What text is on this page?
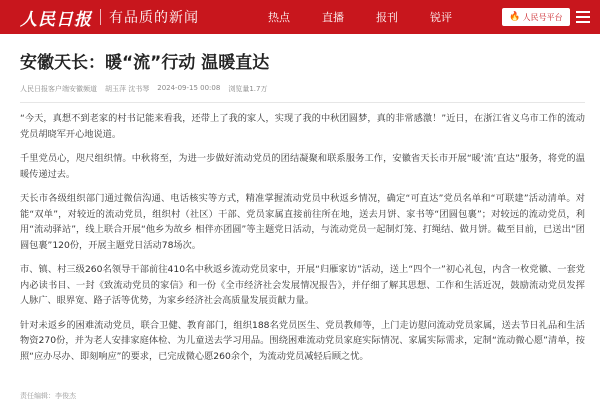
人民日报 有品质的新闻	热点	直播	报刊	锐评	🔥 人民号平台
安徽天长：暖“流”行动 温暖直达
人民日报客户端安徽频道 胡玉萍 沈书琴 2024-09-15 00:08 浏览量1.7万

“今天，真想不到老家的村书记能来看我，还带上了我的家人，实现了我的中秋团圆梦，真的非常感激！”近日，在浙江省义乌市工作的流动党员胡晓军开心地说道。

千里党员心，咫尺组织情。中秋将至，为进一步做好流动党员的团结凝聚和联系服务工作，安徽省天长市开展“暖‘流’直达”服务，将党的温暖传递过去。

天长市各级组织部门通过微信沟通、电话核实等方式，精准掌握流动党员中秋返乡情况，确定“可直达”党员名单和“可联建”活动清单。对能“双单”，对较近的流动党员，组织村（社区）干部、党员家属直接前往所在地，送去月饼、家书等“团圆包裹”；对较远的流动党员，利用“流动驿站”，线上联合开展“他乡为故乡 相伴亦团圆”等主题党日活动，与流动党员一起制灯笼、打绳结、做月饼。截至目前，已送出“团圆包裹”120份，开展主题党日活动78场次。

市、镇、村三级260名领导干部前往410名中秋返乡流动党员家中，开展“归雁家访”活动，送上“四个一”初心礼包，内含一枚党徽、一套党内必读书目、一封《致流动党员的家信》和一份《全市经济社会发展情况报告》，并仔细了解其思想、工作和生活近况，鼓励流动党员发挥人脉广、眼界宽、路子活等优势，为家乡经济社会高质量发展贡献力量。

针对未返乡的困难流动党员，联合卫健、教育部门，组织188名党员医生、党员教师等，上门走访慰问流动党员家属，送去节日礼品和生活物资270份，并为老人安排家庭体检、为儿童送去学习用品。围绕困难流动党员家庭实际情况、家属实际需求，定制“流动微心愿”清单，按照“应办尽办、即刻响应”的要求，已完成微心愿260余个，为流动党员减轻后顾之忧。

责任编辑：李俊杰
